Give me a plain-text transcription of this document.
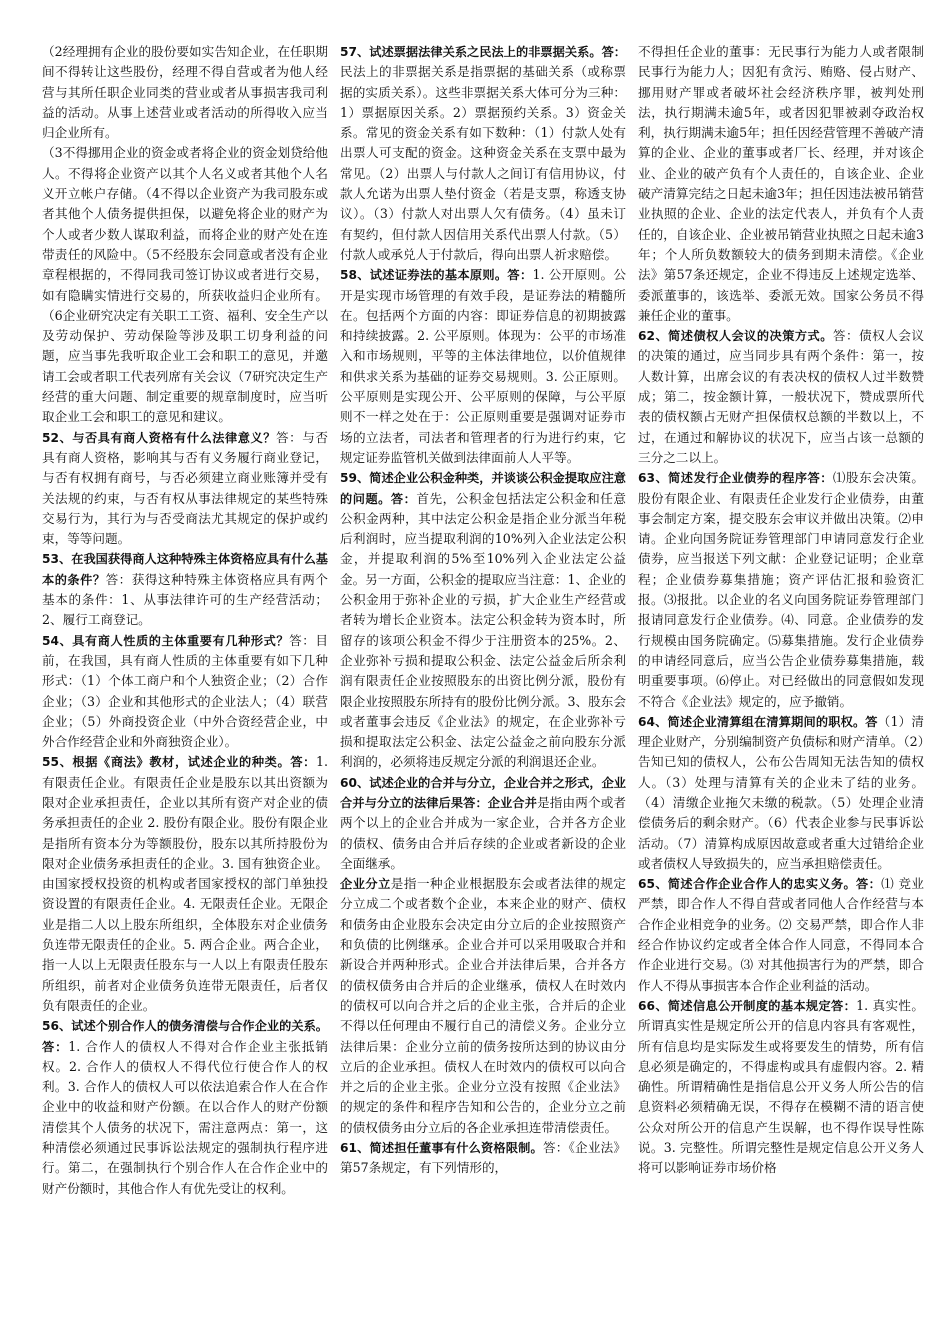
（2经理拥有企业的股份要如实告知企业，在任职期间不得转让这些股份，经理不得自营或者为他人经营与其所任职企业同类的营业或者从事损害我司利益的活动。从事上述营业或者活动的所得收入应当归企业所有。

（3不得挪用企业的资金或者将企业的资金划贷给他人。不得将企业资产以其个人名义或者其他个人名义开立帐户存储。（4不得以企业资产为我司股东或者其他个人债务提供担保，以避免将企业的财产为个人或者少数人谋取利益，而将企业的财产处在连带责任的风险中。（5不经股东会同意或者没有企业章程根据的，不得同我司签订协议或者进行交易，如有隐瞒实情进行交易的，所获收益归企业所有。（6企业研究决定有关职工工资、福利、安全生产以及劳动保护、劳动保险等涉及职工切身利益的问题，应当事先我听取企业工会和职工的意见，并邀请工会或者职工代表列席有关会议（7研究决定生产经营的重大问题、制定重要的规章制度时，应当听取企业工会和职工的意见和建议。

52、与否具有商人资格有什么法律意义？答：与否具有商人资格，影响其与否有义务履行商业登记，与否有权拥有商号，与否必须建立商业账簿并受有关法规的约束，与否有权从事法律规定的某些特殊交易行为，其行为与否受商法尤其规定的保护或约束，等等问题。

53、在我国获得商人这种特殊主体资格应具有什么基本的条件？答：获得这种特殊主体资格应具有两个基本的条件：1、从事法律许可的生产经营活动；2、履行工商登记。

54、具有商人性质的主体重要有几种形式？答：目前，在我国，具有商人性质的主体重要有如下几种形式：（1）个体工商户和个人独资企业；（2）合作企业；（3）企业和其他形式的企业法人；（4）联营企业；（5）外商投资企业（中外合资经营企业，中外合作经营企业和外商独资企业）。

55、根据《商法》教材，试述企业的种类。答：1. 有限责任企业。有限责任企业是股东以其出资额为限对企业承担责任，企业以其所有资产对企业的债务承担责任的企业 2. 股份有限企业。股份有限企业是指所有资本分为等额股份，股东以其所持股份为限对企业债务承担责任的企业。3. 国有独资企业。由国家授权投资的机构或者国家授权的部门单独投资设置的有限责任企业。4. 无限责任企业。无限企业是指二人以上股东所组织，全体股东对企业债务负连带无限责任的企业。5. 两合企业。两合企业，指一人以上无限责任股东与一人以上有限责任股东所组织，前者对企业债务负连带无限责任，后者仅负有限责任的企业。

56、试述个别合作人的债务清偿与合作企业的关系。答：1. 合作人的债权人不得对合作企业主张抵销权。2. 合作人的债权人不得代位行使合作人的权利。3. 合作人的债权人可以依法追索合作人在合作企业中的收益和财产份额。在以合作人的财产份额清偿其个人债务的状况下，需注意两点：第一，这种清偿必须通过民事诉讼法规定的强制执行程序进行。第二，在强制执行个别合作人在合作企业中的财产份额时，其他合作人有优先受让的权利。

57、试述票据法律关系之民法上的非票据关系。答：民法上的非票据关系是指票据的基础关系（或称票据的实质关系）。这些非票据关系大体可分为三种：1）票据原因关系。2）票据预约关系。3）资金关系。常见的资金关系有如下数种：（1）付款人处有出票人可支配的资金。这种资金关系在支票中最为常见。（2）出票人与付款人之间订有信用协议，付款人允诺为出票人垫付资金（若是支票，称透支协议）。（3）付款人对出票人欠有债务。（4）虽未订有契约，但付款人因信用关系代出票人付款。（5）付款人或承兑人于付款后，得向出票人祈求赔偿。

58、试述证券法的基本原则。答：1. 公开原则。公开是实现市场管理的有效手段，是证券法的精髓所在。包括两个方面的内容：即证券信息的初期披露和持续披露。2. 公平原则。体现为：公平的市场准入和市场规则，平等的主体法律地位，以价值规律和供求关系为基础的证券交易规则。3. 公正原则。公平原则是实现公开、公平原则的保障，与公平原则不一样之处在于：公正原则重要是强调对证券市场的立法者，司法者和管理者的行为进行约束，它规定证券监管机关做到法律面前人人平等。

59、简述企业公积金种类，并谈谈公积金提取应注意的问题。答：首先，公积金包括法定公积金和任意公积金两种，其中法定公积金是指企业分派当年税后利润时，应当提取利润的10%列入企业法定公积金，并提取利润的5%至10%列入企业法定公益金。另一方面，公积金的提取应当注意：1、企业的公积金用于弥补企业的亏损，扩大企业生产经营或者转为增长企业资本。法定公积金转为资本时，所留存的该项公积金不得少于注册资本的25%。2、企业弥补亏损和提取公积金、法定公益金后所余利润有限责任企业按照股东的出资比例分派，股份有限企业按照股东所持有的股份比例分派。3、股东会或者董事会违反《企业法》的规定，在企业弥补亏损和提取法定公积金、法定公益金之前向股东分派利润的，必须将违反规定分派的利润退还企业。

60、试述企业的合并与分立，企业合并之形式，企业合并与分立的法律后果答：企业合并是指由两个或者两个以上的企业合并成为一家企业，合并各方企业的债权、债务由合并后存续的企业或者新设的企业全面继承。

企业分立是指一种企业根据股东会或者法律的规定分立成二个或者数个企业，本来企业的财产、债权和债务由企业股东会决定由分立后的企业按照资产和负债的比例继承。企业合并可以采用吸取合并和新设合并两种形式。企业合并法律后果，合并各方的债权债务由合并后的企业继承，债权人在时效内的债权可以向合并之后的企业主张，合并后的企业不得以任何理由不履行自己的清偿义务。企业分立法律后果：企业分立前的债务按所达到的协议由分立后的企业承担。债权人在时效内的债权可以向合并之后的企业主张。企业分立没有按照《企业法》的规定的条件和程序告知和公告的，企业分立之前的债权债务由分立后的各企业承担连带清偿责任。

61、简述担任董事有什么资格限制。答：《企业法》第57条规定，有下列情形的，

不得担任企业的董事：无民事行为能力人或者限制民事行为能力人；因犯有贪污、贿赂、侵占财产、挪用财产罪或者破坏社会经济秩序罪，被判处刑法，执行期满未逾5年，或者因犯罪被剥夺政治权利，执行期满未逾5年；担任因经营管理不善破产清算的企业、企业的董事或者厂长、经理，并对该企业、企业的破产负有个人责任的，自该企业、企业破产清算完结之日起未逾3年；担任因违法被吊销营业执照的企业、企业的法定代表人，并负有个人责任的，自该企业、企业被吊销营业执照之日起未逾3年；个人所负数额较大的债务到期未清偿。《企业法》第57条还规定，企业不得违反上述规定选举、委派董事的，该选举、委派无效。国家公务员不得兼任企业的董事。

62、简述债权人会议的决策方式。答：债权人会议的决策的通过，应当同步具有两个条件：第一，按人数计算，出席会议的有表决权的债权人过半数赞成；第二，按金额计算，一般状况下，赞成票所代表的债权额占无财产担保债权总额的半数以上，不过，在通过和解协议的状况下，应当占该一总额的三分之二以上。

63、简述发行企业债券的程序答：⑴股东会决策。股份有限企业、有限责任企业发行企业债券，由董事会制定方案，提交股东会审议并做出决策。⑵申请。企业向国务院证券管理部门申请同意发行企业债券，应当报送下列文献：企业登记证明；企业章程；企业债券募集措施；资产评估汇报和验资汇报。⑶报批。以企业的名义向国务院证券管理部门报请同意发行企业债券。⑷、同意。企业债券的发行规模由国务院确定。⑸募集措施。发行企业债券的申请经同意后，应当公告企业债券募集措施，载明重要事项。⑹停止。对已经做出的同意假如发现不符合《企业法》规定的，应予撤销。

64、简述企业清算组在清算期间的职权。答（1）清理企业财产，分别编制资产负债标和财产清单。（2）告知已知的债权人，公布公告周知无法告知的债权人。（3）处理与清算有关的企业未了结的业务。（4）清缴企业拖欠未缴的税款。（5）处理企业清偿债务后的剩余财产。（6）代表企业参与民事诉讼活动。（7）清算构成原因故意或者重大过错给企业或者债权人导致损失的，应当承担赔偿责任。

65、简述合作企业合作人的忠实义务。答：⑴ 竞业严禁，即合作人不得自营或者同他人合作经营与本合作企业相竞争的业务。⑵ 交易严禁，即合作人非经合作协议约定或者全体合作人同意，不得同本合作企业进行交易。⑶ 对其他损害行为的严禁，即合作人不得从事损害本合作企业利益的活动。

66、简述信息公开制度的基本规定答：1. 真实性。所谓真实性是规定所公开的信息内容具有客观性，所有信息均是实际发生或将要发生的情势，所有信息必须是确定的，不得虚构或具有虚假内容。2. 精确性。所谓精确性是指信息公开义务人所公告的信息资料必须精确无误，不得存在模糊不清的语言使公众对所公开的信息产生误解，也不得作误导性陈说。3. 完整性。所谓完整性是规定信息公开义务人将可以影响证券市场价格
